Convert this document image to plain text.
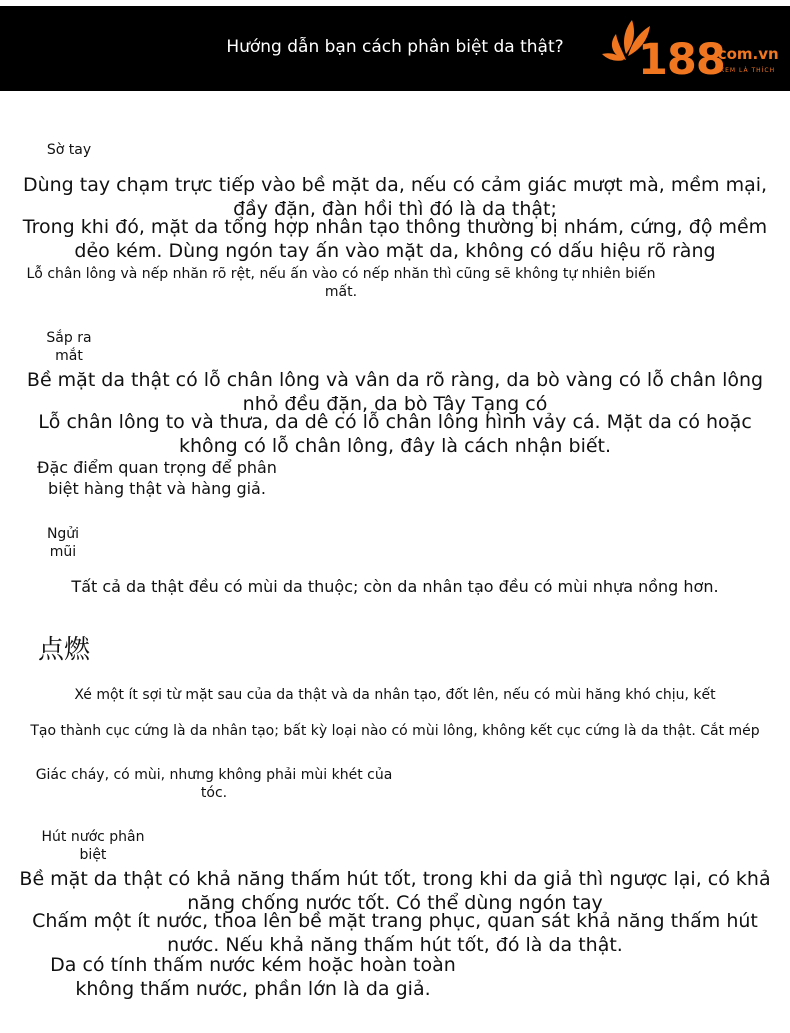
Hướng dẫn bạn cách phân biệt da thật?	188
.com.vn
XEM LÀ THÍCH
Sờ tay
Dùng tay chạm trực tiếp vào bề mặt da, nếu có cảm giác mượt mà, mềm mại, đầy đặn, đàn hồi thì đó là da thật;
Trong khi đó, mặt da tổng hợp nhân tạo thông thường bị nhám, cứng, độ mềm dẻo kém. Dùng ngón tay ấn vào mặt da, không có dấu hiệu rõ ràng
Lỗ chân lông và nếp nhăn rõ rệt, nếu ấn vào có nếp nhăn thì cũng sẽ không tự nhiên biến mất.
Sắp ra mắt
Bề mặt da thật có lỗ chân lông và vân da rõ ràng, da bò vàng có lỗ chân lông nhỏ đều đặn, da bò Tây Tạng có
Lỗ chân lông to và thưa, da dê có lỗ chân lông hình vảy cá. Mặt da có hoặc không có lỗ chân lông, đây là cách nhận biết.
Đặc điểm quan trọng để phân biệt hàng thật và hàng giả.
Ngửi mũi
Tất cả da thật đều có mùi da thuộc; còn da nhân tạo đều có mùi nhựa nồng hơn.
点燃
Xé một ít sợi từ mặt sau của da thật và da nhân tạo, đốt lên, nếu có mùi hăng khó chịu, kết
Tạo thành cục cứng là da nhân tạo; bất kỳ loại nào có mùi lông, không kết cục cứng là da thật. Cắt mép
Giác cháy, có mùi, nhưng không phải mùi khét của tóc.
Hút nước phân biệt
Bề mặt da thật có khả năng thấm hút tốt, trong khi da giả thì ngược lại, có khả năng chống nước tốt. Có thể dùng ngón tay
Chấm một ít nước, thoa lên bề mặt trang phục, quan sát khả năng thấm hút nước. Nếu khả năng thấm hút tốt, đó là da thật.
Da có tính thấm nước kém hoặc hoàn toàn không thấm nước, phần lớn là da giả.
